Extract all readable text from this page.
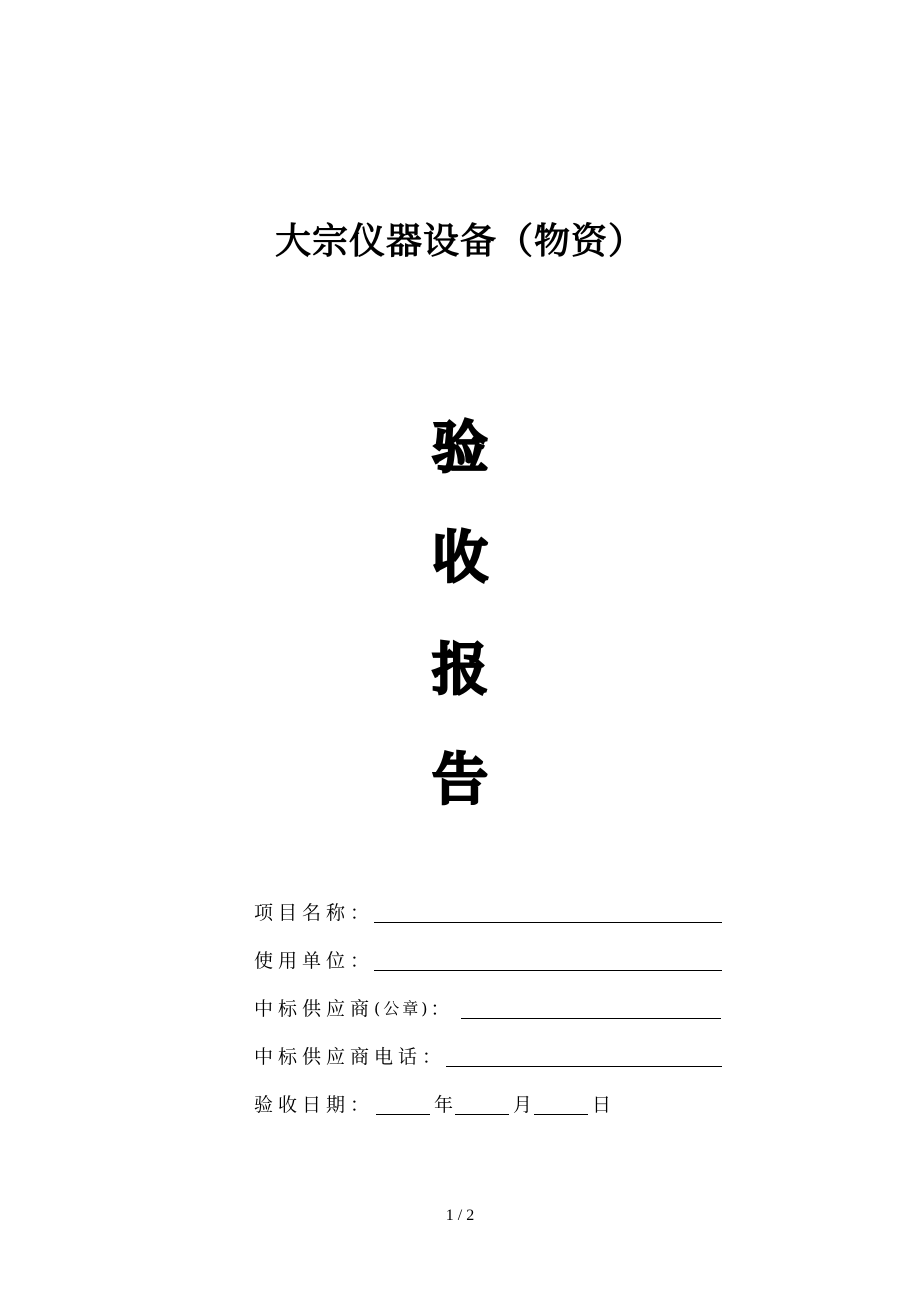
大宗仪器设备（物资）
验
收
报
告
项目名称：
使用单位：
中标供应商 (公章) ：
中标供应商电话：
验收日期：	年	月	日
1 / 2
